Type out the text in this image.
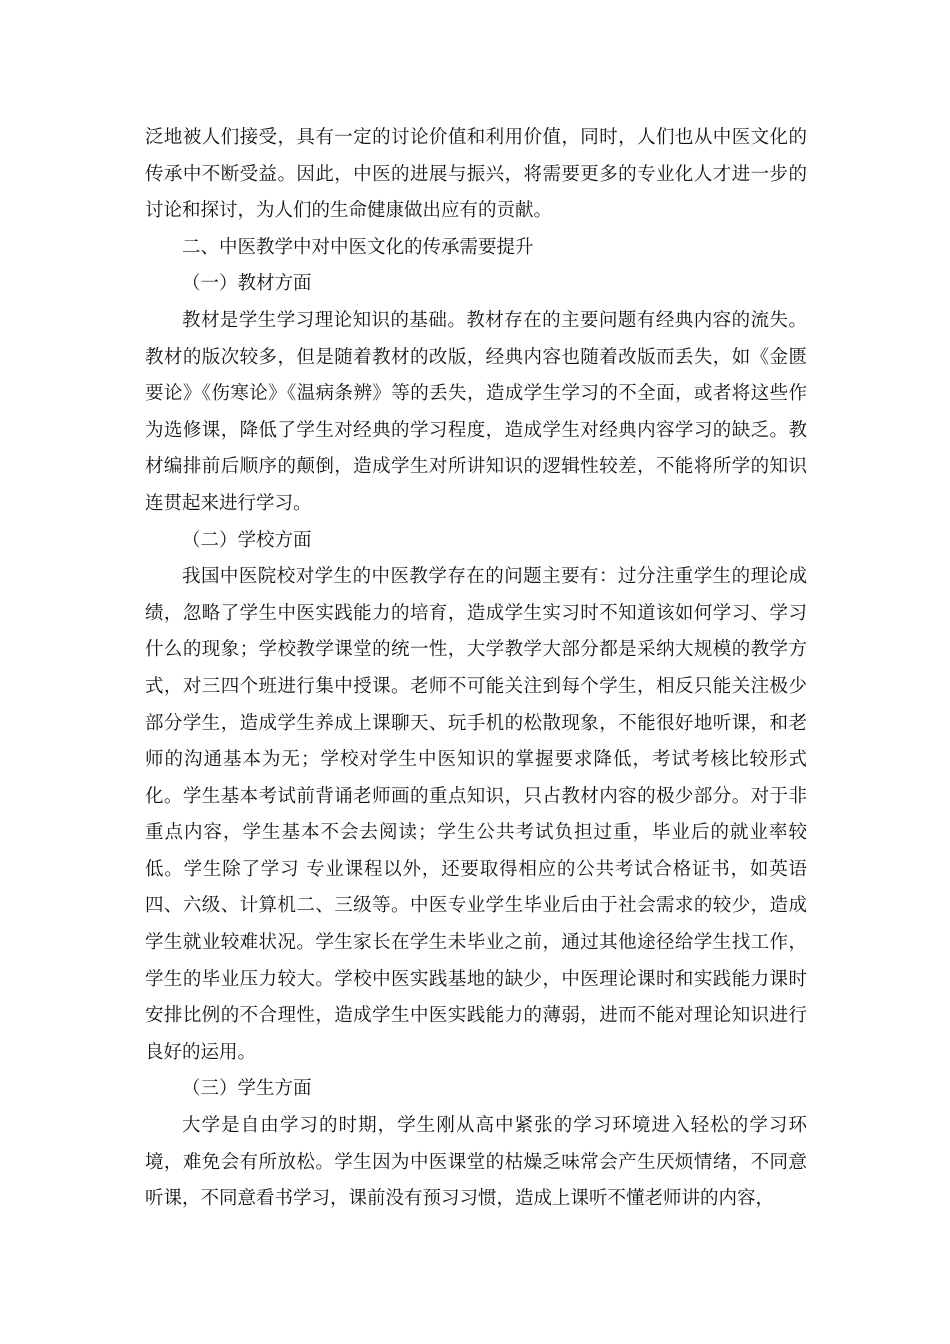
泛地被人们接受，具有一定的讨论价值和利用价值，同时，人们也从中医文化的传承中不断受益。因此，中医的进展与振兴，将需要更多的专业化人才进一步的讨论和探讨，为人们的生命健康做出应有的贡献。

二、中医教学中对中医文化的传承需要提升

（一）教材方面

教材是学生学习理论知识的基础。教材存在的主要问题有经典内容的流失。教材的版次较多，但是随着教材的改版，经典内容也随着改版而丢失，如《金匮要论》《伤寒论》《温病条辨》等的丢失，造成学生学习的不全面，或者将这些作为选修课，降低了学生对经典的学习程度，造成学生对经典内容学习的缺乏。教材编排前后顺序的颠倒，造成学生对所讲知识的逻辑性较差，不能将所学的知识连贯起来进行学习。

（二）学校方面

我国中医院校对学生的中医教学存在的问题主要有：过分注重学生的理论成绩，忽略了学生中医实践能力的培育，造成学生实习时不知道该如何学习、学习什么的现象；学校教学课堂的统一性，大学教学大部分都是采纳大规模的教学方式，对三四个班进行集中授课。老师不可能关注到每个学生，相反只能关注极少部分学生，造成学生养成上课聊天、玩手机的松散现象，不能很好地听课，和老师的沟通基本为无；学校对学生中医知识的掌握要求降低，考试考核比较形式化。学生基本考试前背诵老师画的重点知识，只占教材内容的极少部分。对于非重点内容，学生基本不会去阅读；学生公共考试负担过重，毕业后的就业率较低。学生除了学习 专业课程以外，还要取得相应的公共考试合格证书，如英语四、六级、计算机二、三级等。中医专业学生毕业后由于社会需求的较少，造成学生就业较难状况。学生家长在学生未毕业之前，通过其他途径给学生找工作，学生的毕业压力较大。学校中医实践基地的缺少，中医理论课时和实践能力课时安排比例的不合理性，造成学生中医实践能力的薄弱，进而不能对理论知识进行良好的运用。

（三）学生方面

大学是自由学习的时期，学生刚从高中紧张的学习环境进入轻松的学习环境，难免会有所放松。学生因为中医课堂的枯燥乏味常会产生厌烦情绪，不同意听课，不同意看书学习，课前没有预习习惯，造成上课听不懂老师讲的内容，
